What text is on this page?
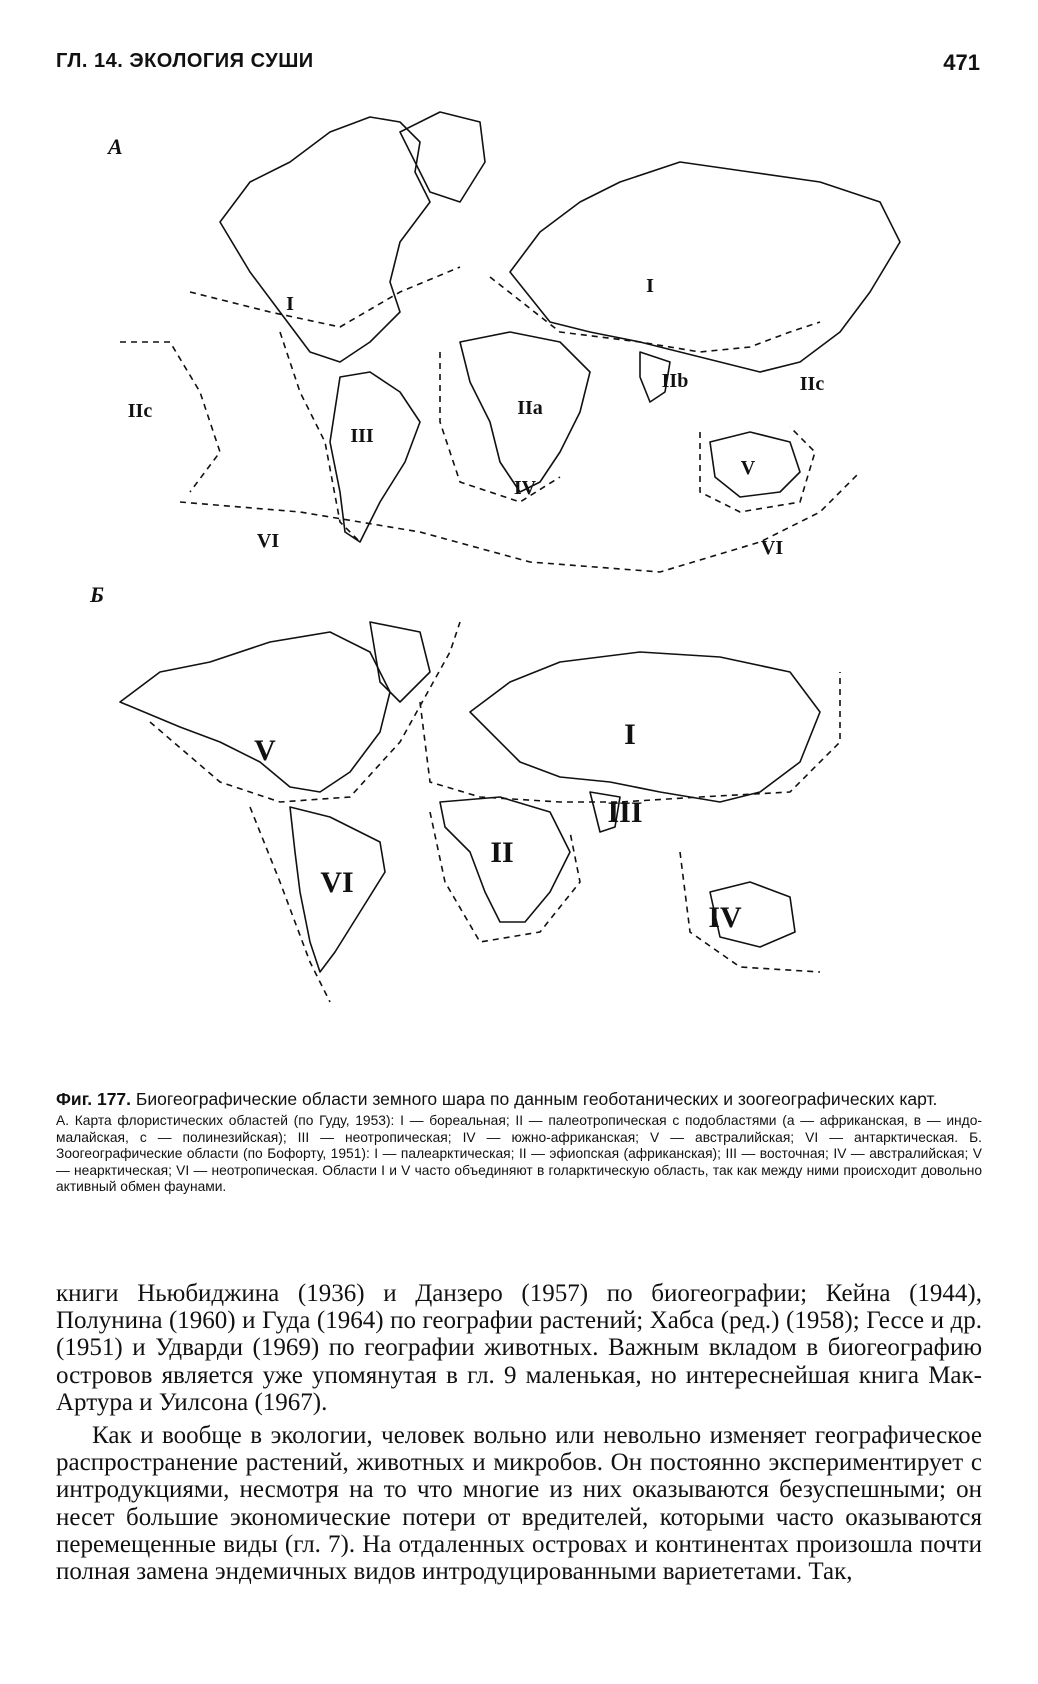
ГЛ. 14. ЭКОЛОГИЯ СУШИ	471
А
I
I
IIc	IIa
IIb	IIc
III
IV
V
VI	VI
Б
V	I
II
III
VI
IV
Фиг. 177. Биогеографические области земного шара по данным геоботанических и зоогеографических карт.
А. Карта флористических областей (по Гуду, 1953): I — бореальная; II — палеотропическая с подобластями (а — африканская, в — индо-малайская, с — полинезийская); III — неотропическая; IV — южно-африканская; V — австралийская; VI — антарктическая. Б. Зоогеографические области (по Бофорту, 1951): I — палеарктическая; II — эфиопская (африканская); III — восточная; IV — австралийская; V — неарктическая; VI — неотропическая. Области I и V часто объединяют в голарктическую область, так как между ними происходит довольно активный обмен фаунами.

книги Ньюбиджина (1936) и Данзеро (1957) по биогеографии; Кейна (1944), Полунина (1960) и Гуда (1964) по географии растений; Хабса (ред.) (1958); Гессе и др. (1951) и Удварди (1969) по географии животных. Важным вкладом в биогеографию островов является уже упомянутая в гл. 9 маленькая, но интереснейшая книга Мак-Артура и Уилсона (1967).

Как и вообще в экологии, человек вольно или невольно изменяет географическое распространение растений, животных и микробов. Он постоянно экспериментирует с интродукциями, несмотря на то что многие из них оказываются безуспешными; он несет большие экономические потери от вредителей, которыми часто оказываются перемещенные виды (гл. 7). На отдаленных островах и континентах произошла почти полная замена эндемичных видов интродуцированными вариететами. Так,
